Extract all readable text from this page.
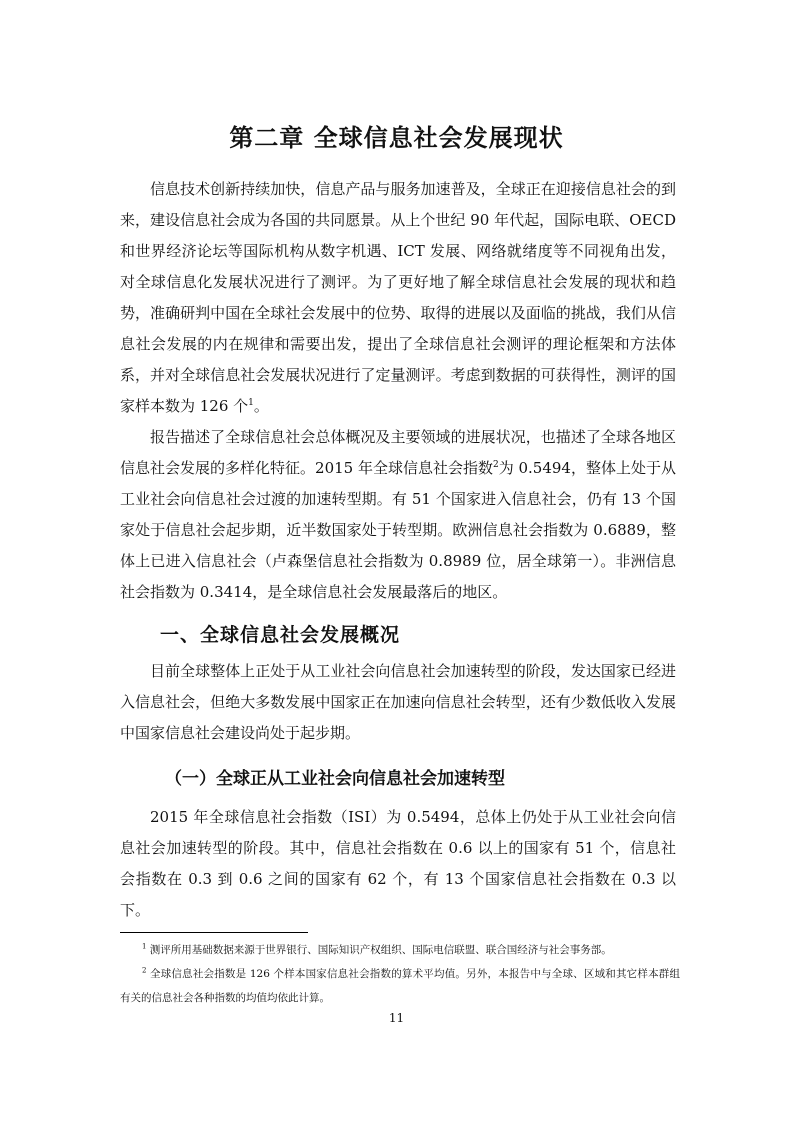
第二章 全球信息社会发展现状

信息技术创新持续加快，信息产品与服务加速普及，全球正在迎接信息社会的到来，建设信息社会成为各国的共同愿景。从上个世纪 90 年代起，国际电联、OECD 和世界经济论坛等国际机构从数字机遇、ICT 发展、网络就绪度等不同视角出发，对全球信息化发展状况进行了测评。为了更好地了解全球信息社会发展的现状和趋势，准确研判中国在全球社会发展中的位势、取得的进展以及面临的挑战，我们从信息社会发展的内在规律和需要出发，提出了全球信息社会测评的理论框架和方法体系，并对全球信息社会发展状况进行了定量测评。考虑到数据的可获得性，测评的国家样本数为 126 个$^1$。

报告描述了全球信息社会总体概况及主要领域的进展状况，也描述了全球各地区信息社会发展的多样化特征。2015 年全球信息社会指数$^2$为 0.5494，整体上处于从工业社会向信息社会过渡的加速转型期。有 51 个国家进入信息社会，仍有 13 个国家处于信息社会起步期，近半数国家处于转型期。欧洲信息社会指数为 0.6889，整体上已进入信息社会（卢森堡信息社会指数为 0.8989 位，居全球第一）。非洲信息社会指数为 0.3414，是全球信息社会发展最落后的地区。

一、全球信息社会发展概况

目前全球整体上正处于从工业社会向信息社会加速转型的阶段，发达国家已经进入信息社会，但绝大多数发展中国家正在加速向信息社会转型，还有少数低收入发展中国家信息社会建设尚处于起步期。

（一）全球正从工业社会向信息社会加速转型

2015 年全球信息社会指数（ISI）为 0.5494，总体上仍处于从工业社会向信息社会加速转型的阶段。其中，信息社会指数在 0.6 以上的国家有 51 个，信息社会指数在 0.3 到 0.6 之间的国家有 62 个，有 13 个国家信息社会指数在 0.3 以下。

$^1$ 测评所用基础数据来源于世界银行、国际知识产权组织、国际电信联盟、联合国经济与社会事务部。

$^2$ 全球信息社会指数是 126 个样本国家信息社会指数的算术平均值。另外，本报告中与全球、区域和其它样本群组有关的信息社会各种指数的均值均依此计算。

11
